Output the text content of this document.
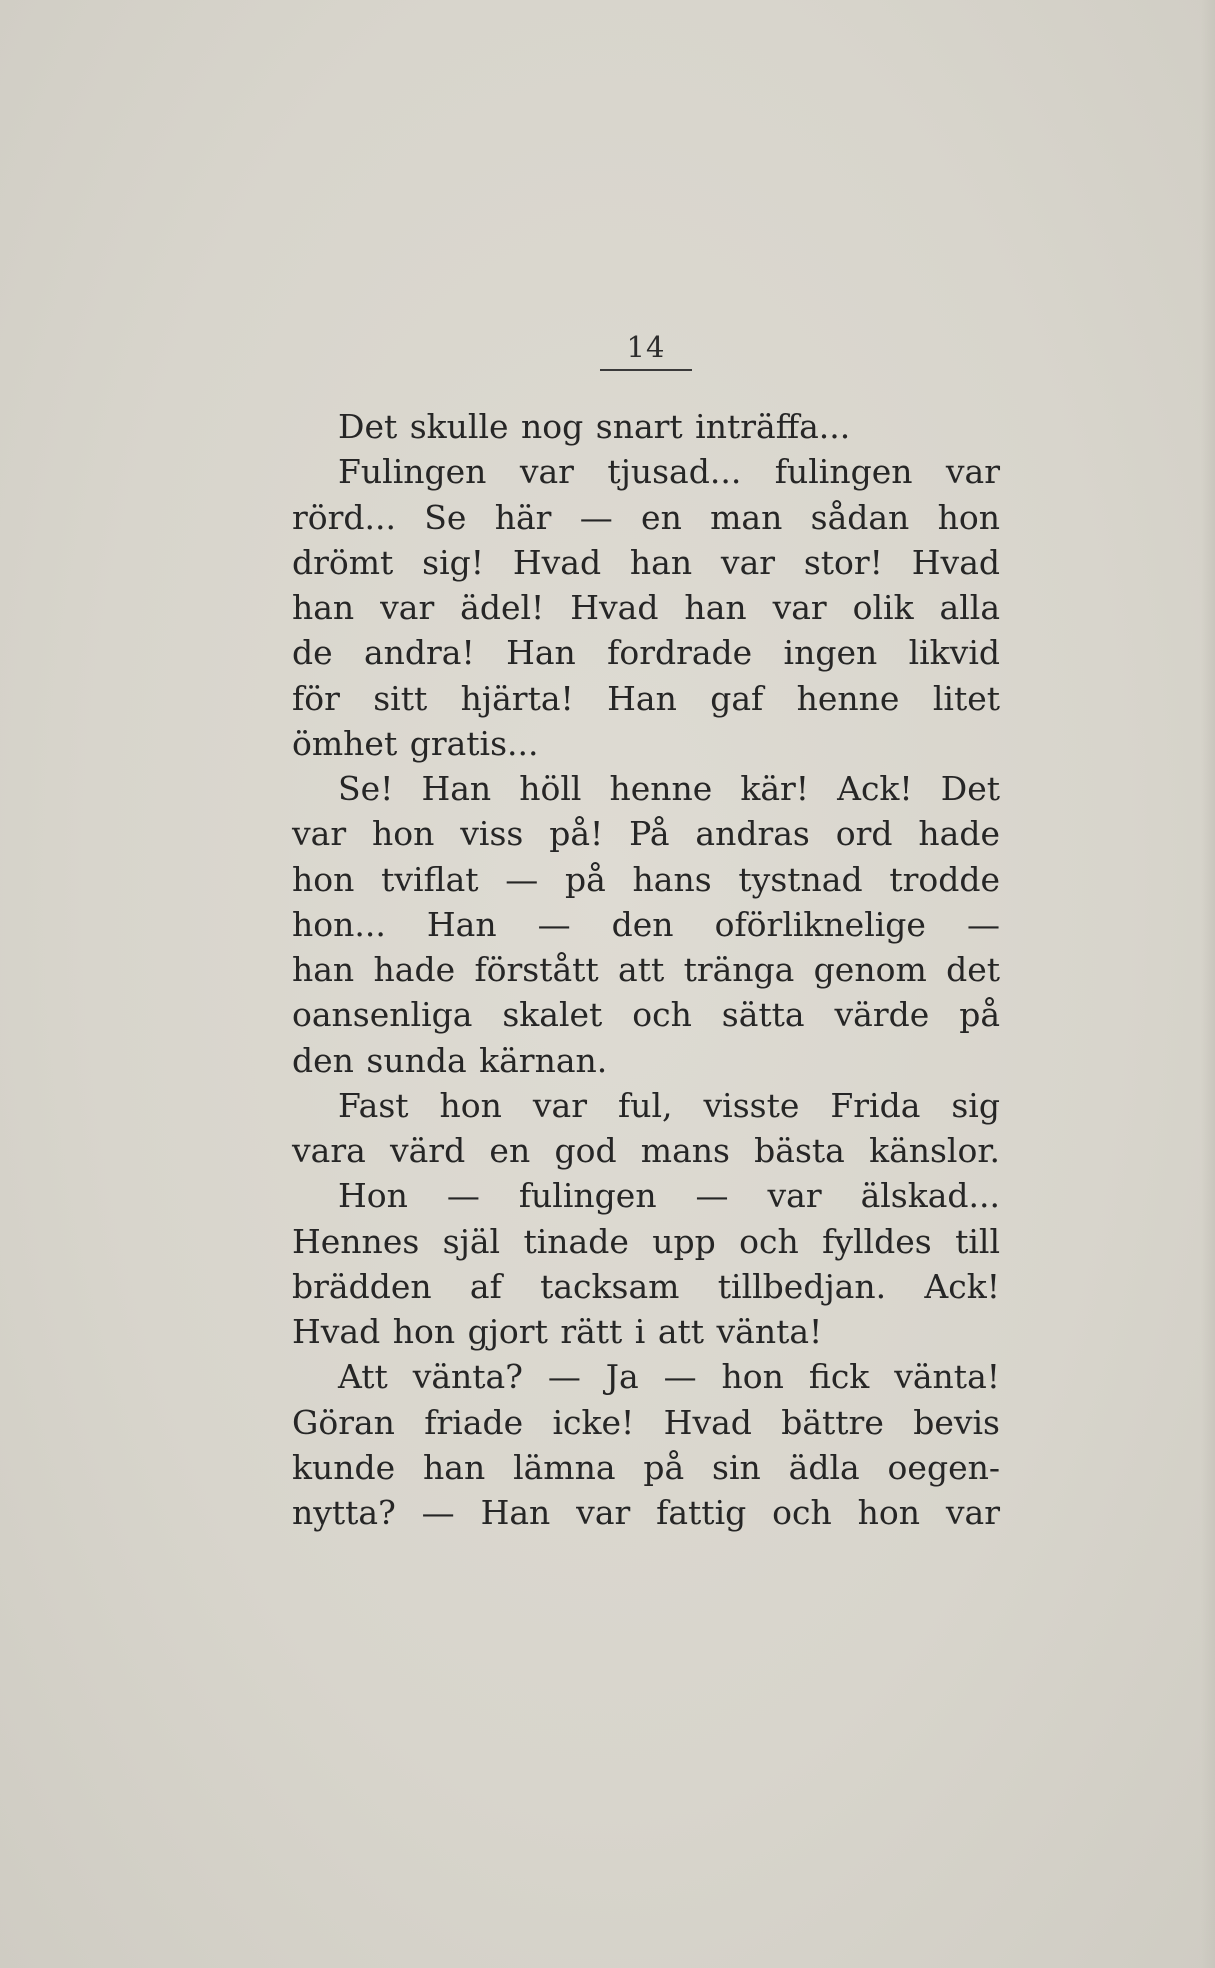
14
Det skulle nog snart inträffa...
Fulingen var tjusad... fulingen var
rörd... Se här — en man sådan hon
drömt sig! Hvad han var stor! Hvad
han var ädel! Hvad han var olik alla
de andra! Han fordrade ingen likvid
för sitt hjärta! Han gaf henne litet
ömhet gratis...
Se! Han höll henne kär! Ack! Det
var hon viss på! På andras ord hade
hon tviflat — på hans tystnad trodde
hon... Han — den oförliknelige —
han hade förstått att tränga genom det
oansenliga skalet och sätta värde på
den sunda kärnan.
Fast hon var ful, visste Frida sig
vara värd en god mans bästa känslor.
Hon — fulingen — var älskad...
Hennes själ tinade upp och fylldes till
brädden af tacksam tillbedjan. Ack!
Hvad hon gjort rätt i att vänta!
Att vänta? — Ja — hon fick vänta!
Göran friade icke! Hvad bättre bevis
kunde han lämna på sin ädla oegen-
nytta? — Han var fattig och hon var
